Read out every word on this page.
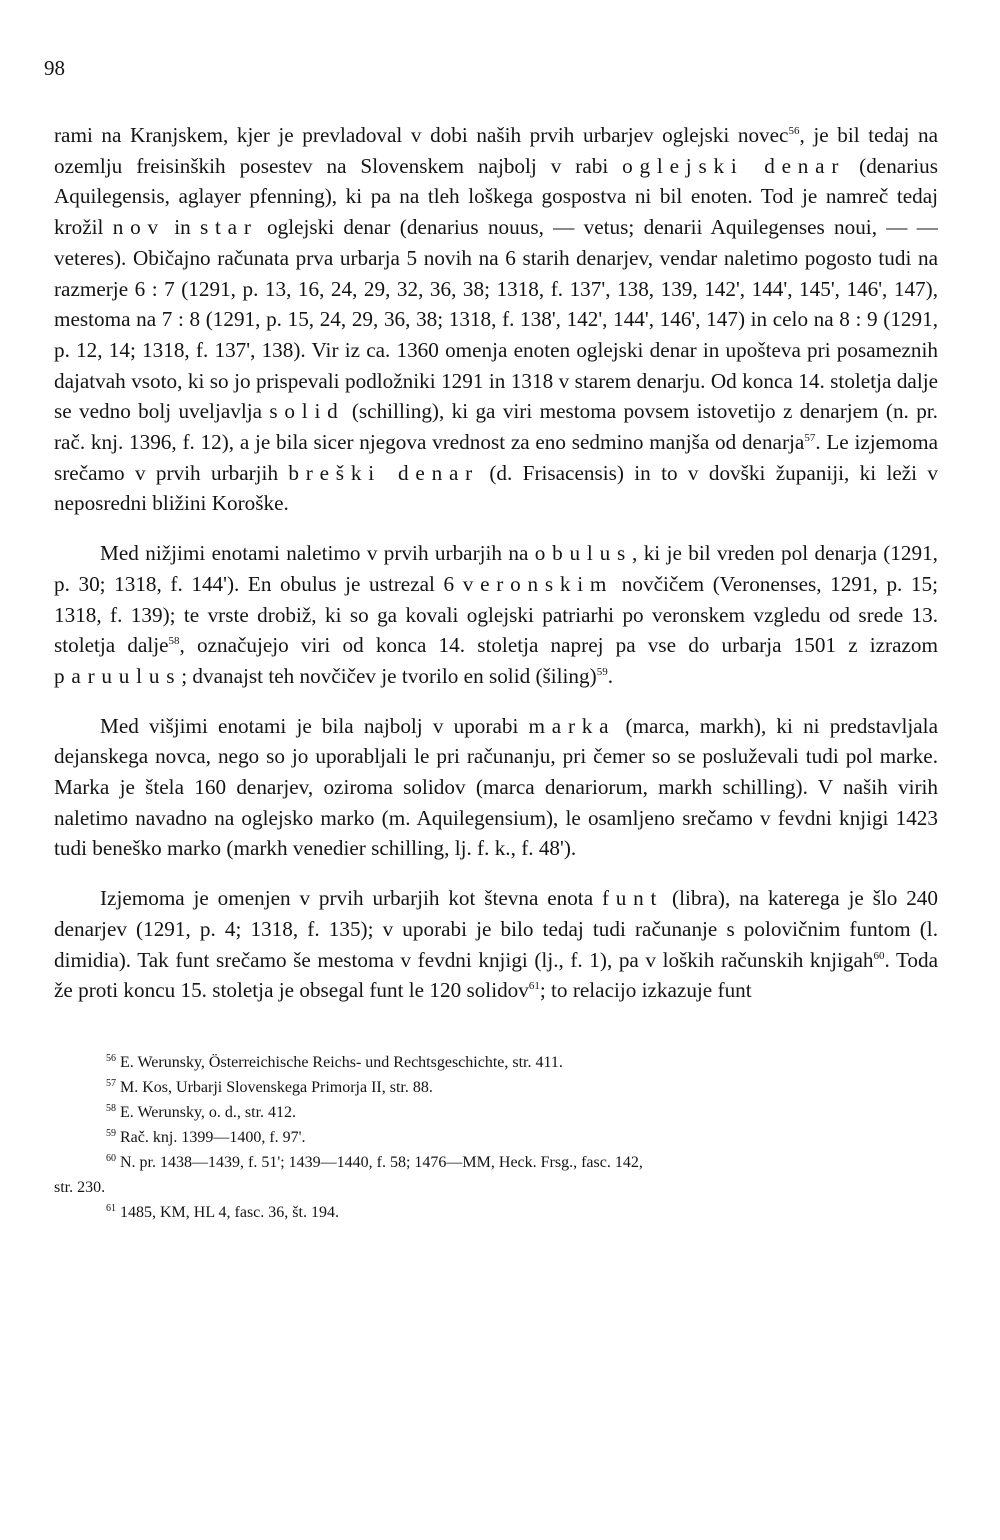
98

rami na Kranjskem, kjer je prevladoval v dobi naših prvih urbarjev oglejski novec$^{56}$, je bil tedaj na ozemlju freisinških posestev na Slovenskem najbolj v rabi oglejski denar (denarius Aquilegensis, aglayer pfenning), ki pa na tleh loškega gospostva ni bil enoten. Tod je namreč tedaj krožil nov in star oglejski denar (denarius nouus, — vetus; denarii Aquilegenses noui, — — veteres). Običajno računata prva urbarja 5 novih na 6 starih denarjev, vendar naletimo pogosto tudi na razmerje 6 : 7 (1291, p. 13, 16, 24, 29, 32, 36, 38; 1318, f. 137', 138, 139, 142', 144', 145', 146', 147), mestoma na 7 : 8 (1291, p. 15, 24, 29, 36, 38; 1318, f. 138', 142', 144', 146', 147) in celo na 8 : 9 (1291, p. 12, 14; 1318, f. 137', 138). Vir iz ca. 1360 omenja enoten oglejski denar in upošteva pri posameznih dajatvah vsoto, ki so jo prispevali podložniki 1291 in 1318 v starem denarju. Od konca 14. stoletja dalje se vedno bolj uveljavlja solid (schilling), ki ga viri mestoma povsem istovetijo z denarjem (n. pr. rač. knj. 1396, f. 12), a je bila sicer njegova vrednost za eno sedmino manjša od denarja$^{57}$. Le izjemoma srečamo v prvih urbarjih breški denar (d. Frisacensis) in to v dovški županiji, ki leži v neposredni bližini Koroške.

Med nižjimi enotami naletimo v prvih urbarjih na obulus, ki je bil vreden pol denarja (1291, p. 30; 1318, f. 144'). En obulus je ustrezal 6 veronskim novčičem (Veronenses, 1291, p. 15; 1318, f. 139); te vrste drobiž, ki so ga kovali oglejski patriarhi po veronskem vzgledu od srede 13. stoletja dalje$^{58}$, označujejo viri od konca 14. stoletja naprej pa vse do urbarja 1501 z izrazom paruulus; dvanajst teh novčičev je tvorilo en solid (šiling)$^{59}$.

Med višjimi enotami je bila najbolj v uporabi marka (marca, markh), ki ni predstavljala dejanskega novca, nego so jo uporabljali le pri računanju, pri čemer so se posluževali tudi pol marke. Marka je štela 160 denarjev, oziroma solidov (marca denariorum, markh schilling). V naših virih naletimo navadno na oglejsko marko (m. Aquilegensium), le osamljeno srečamo v fevdni knjigi 1423 tudi beneško marko (markh venedier schilling, lj. f. k., f. 48').

Izjemoma je omenjen v prvih urbarjih kot števna enota funt (libra), na katerega je šlo 240 denarjev (1291, p. 4; 1318, f. 135); v uporabi je bilo tedaj tudi računanje s polovičnim funtom (l. dimidia). Tak funt srečamo še mestoma v fevdni knjigi (lj., f. 1), pa v loških računskih knjigah$^{60}$. Toda že proti koncu 15. stoletja je obsegal funt le 120 solidov$^{61}$; to relacijo izkazuje funt

$^{56}$ E. Werunsky, Österreichische Reichs- und Rechtsgeschichte, str. 411.
$^{57}$ M. Kos, Urbarji Slovenskega Primorja II, str. 88.
$^{58}$ E. Werunsky, o. d., str. 412.
$^{59}$ Rač. knj. 1399—1400, f. 97'.
$^{60}$ N. pr. 1438—1439, f. 51'; 1439—1440, f. 58; 1476—MM, Heck. Frsg., fasc. 142,
str. 230.
$^{61}$ 1485, KM, HL 4, fasc. 36, št. 194.
